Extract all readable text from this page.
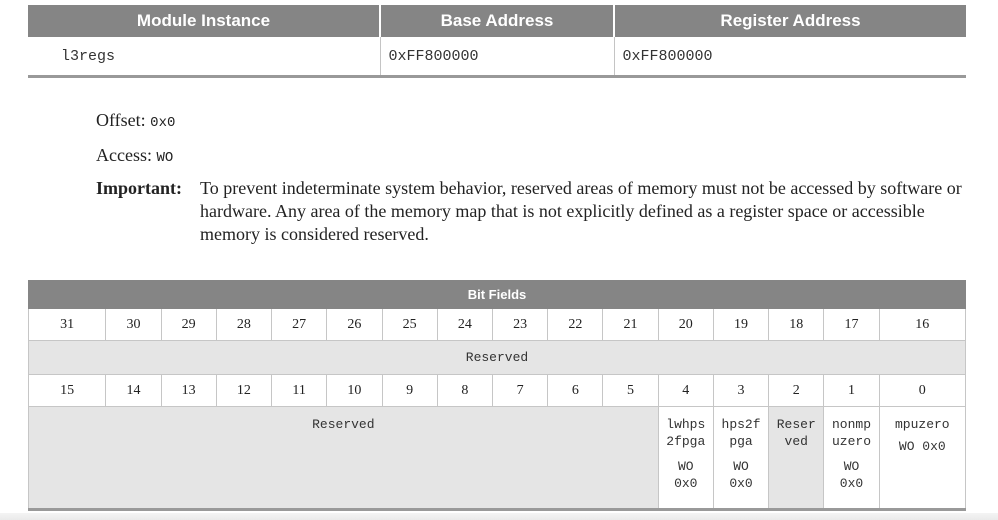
Module Instance	Base Address	Register Address
l3regs	0xFF800000	0xFF800000
Offset: 0x0
Access: WO
Important:	To prevent indeterminate system behavior, reserved areas of memory must not be accessed by software or hardware. Any area of the memory map that is not explicitly defined as a register space or accessible memory is considered reserved.
Bit Fields															
31	30	29	28	27	26	25	24	23	22	21	20	19	18	17	16
Reserved															
15	14	13	12	11	10	9	8	7	6	5	4	3	2	1	0
Reserved											lwhps
2fpga
WO
0x0	hps2f
pga
WO
0x0	Reser
ved	nonmp
uzero
WO
0x0	mpuzero
WO 0x0
